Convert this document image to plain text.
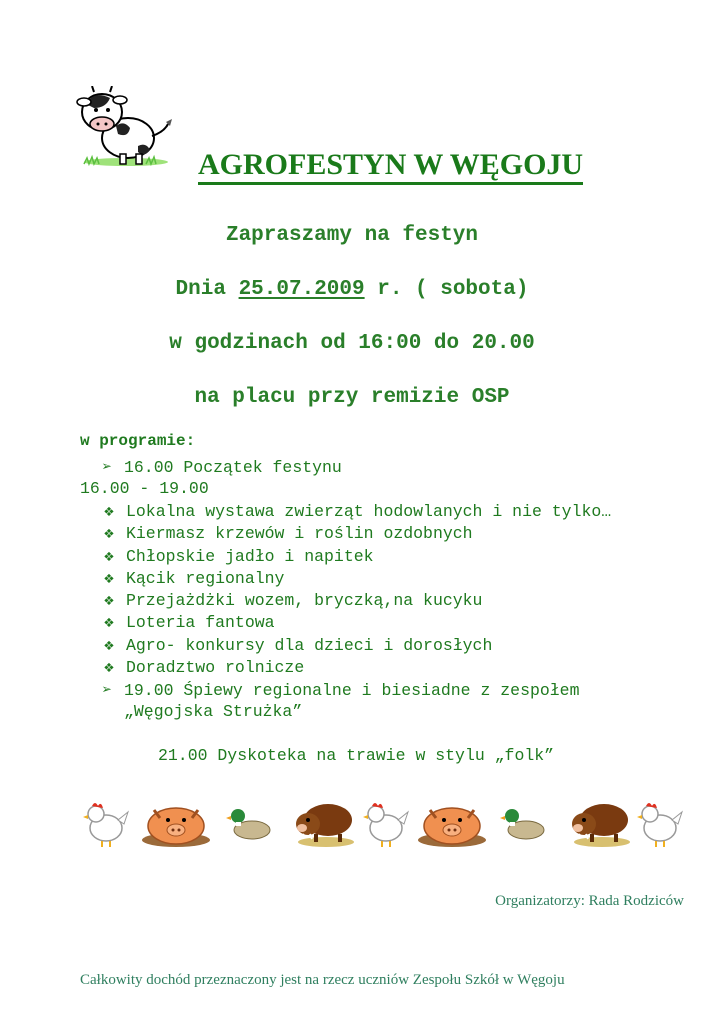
AGROFESTYN W WĘGOJU
Zapraszamy na festyn
Dnia 25.07.2009 r. ( sobota)
w godzinach od 16:00 do 20.00
na placu przy remizie OSP
w programie:
➢ 16.00 Początek festynu
16.00 - 19.00
❖ Lokalna wystawa zwierząt hodowlanych i nie tylko…
❖ Kiermasz krzewów i roślin ozdobnych
❖ Chłopskie jadło i napitek
❖ Kącik regionalny
❖ Przejażdżki wozem, bryczką,na kucyku
❖ Loteria fantowa
❖ Agro- konkursy dla dzieci i dorosłych
❖ Doradztwo rolnicze
➢ 19.00 Śpiewy regionalne i biesiadne z zespołem
„Węgojska Strużka”
21.00 Dyskoteka na trawie w stylu „folk”
Organizatorzy: Rada Rodziców
Całkowity dochód przeznaczony jest na rzecz uczniów Zespołu Szkół w Węgoju
